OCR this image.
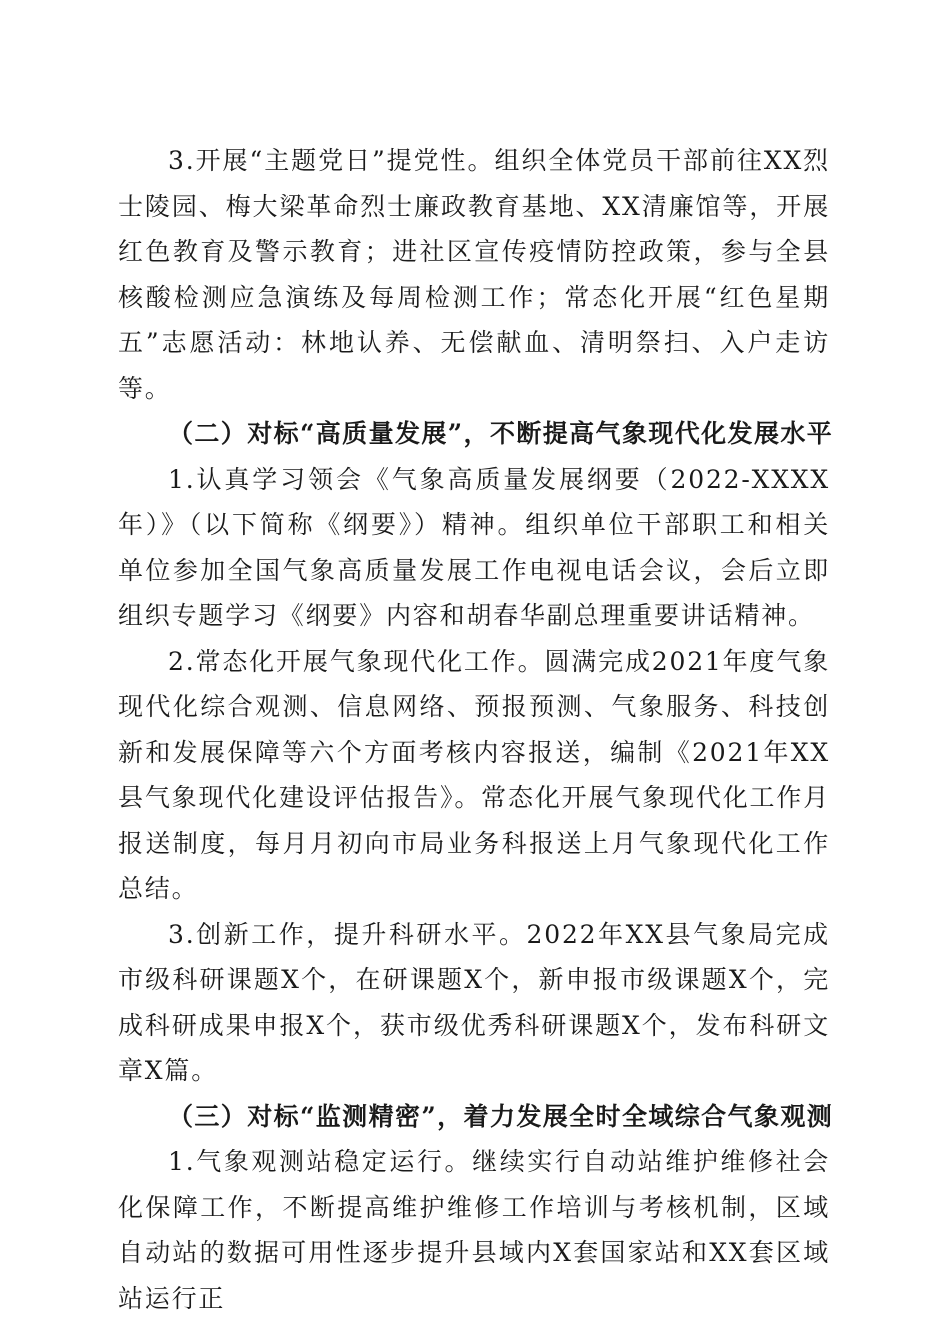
3.开展“主题党日”提党性。组织全体党员干部前往XX烈士陵园、梅大梁革命烈士廉政教育基地、XX清廉馆等，开展红色教育及警示教育；进社区宣传疫情防控政策，参与全县核酸检测应急演练及每周检测工作；常态化开展“红色星期五”志愿活动：林地认养、无偿献血、清明祭扫、入户走访等。

（二）对标“高质量发展”，不断提高气象现代化发展水平

1.认真学习领会《气象高质量发展纲要（2022-XXXX年）》（以下简称《纲要》）精神。组织单位干部职工和相关单位参加全国气象高质量发展工作电视电话会议，会后立即组织专题学习《纲要》内容和胡春华副总理重要讲话精神。

2.常态化开展气象现代化工作。圆满完成2021年度气象现代化综合观测、信息网络、预报预测、气象服务、科技创新和发展保障等六个方面考核内容报送，编制《2021年XX县气象现代化建设评估报告》。常态化开展气象现代化工作月报送制度，每月月初向市局业务科报送上月气象现代化工作总结。

3.创新工作，提升科研水平。2022年XX县气象局完成市级科研课题X个，在研课题X个，新申报市级课题X个，完成科研成果申报X个，获市级优秀科研课题X个，发布科研文章X篇。

（三）对标“监测精密”，着力发展全时全域综合气象观测

1.气象观测站稳定运行。继续实行自动站维护维修社会化保障工作，不断提高维护维修工作培训与考核机制，区域自动站的数据可用性逐步提升县域内X套国家站和XX套区域站运行正
